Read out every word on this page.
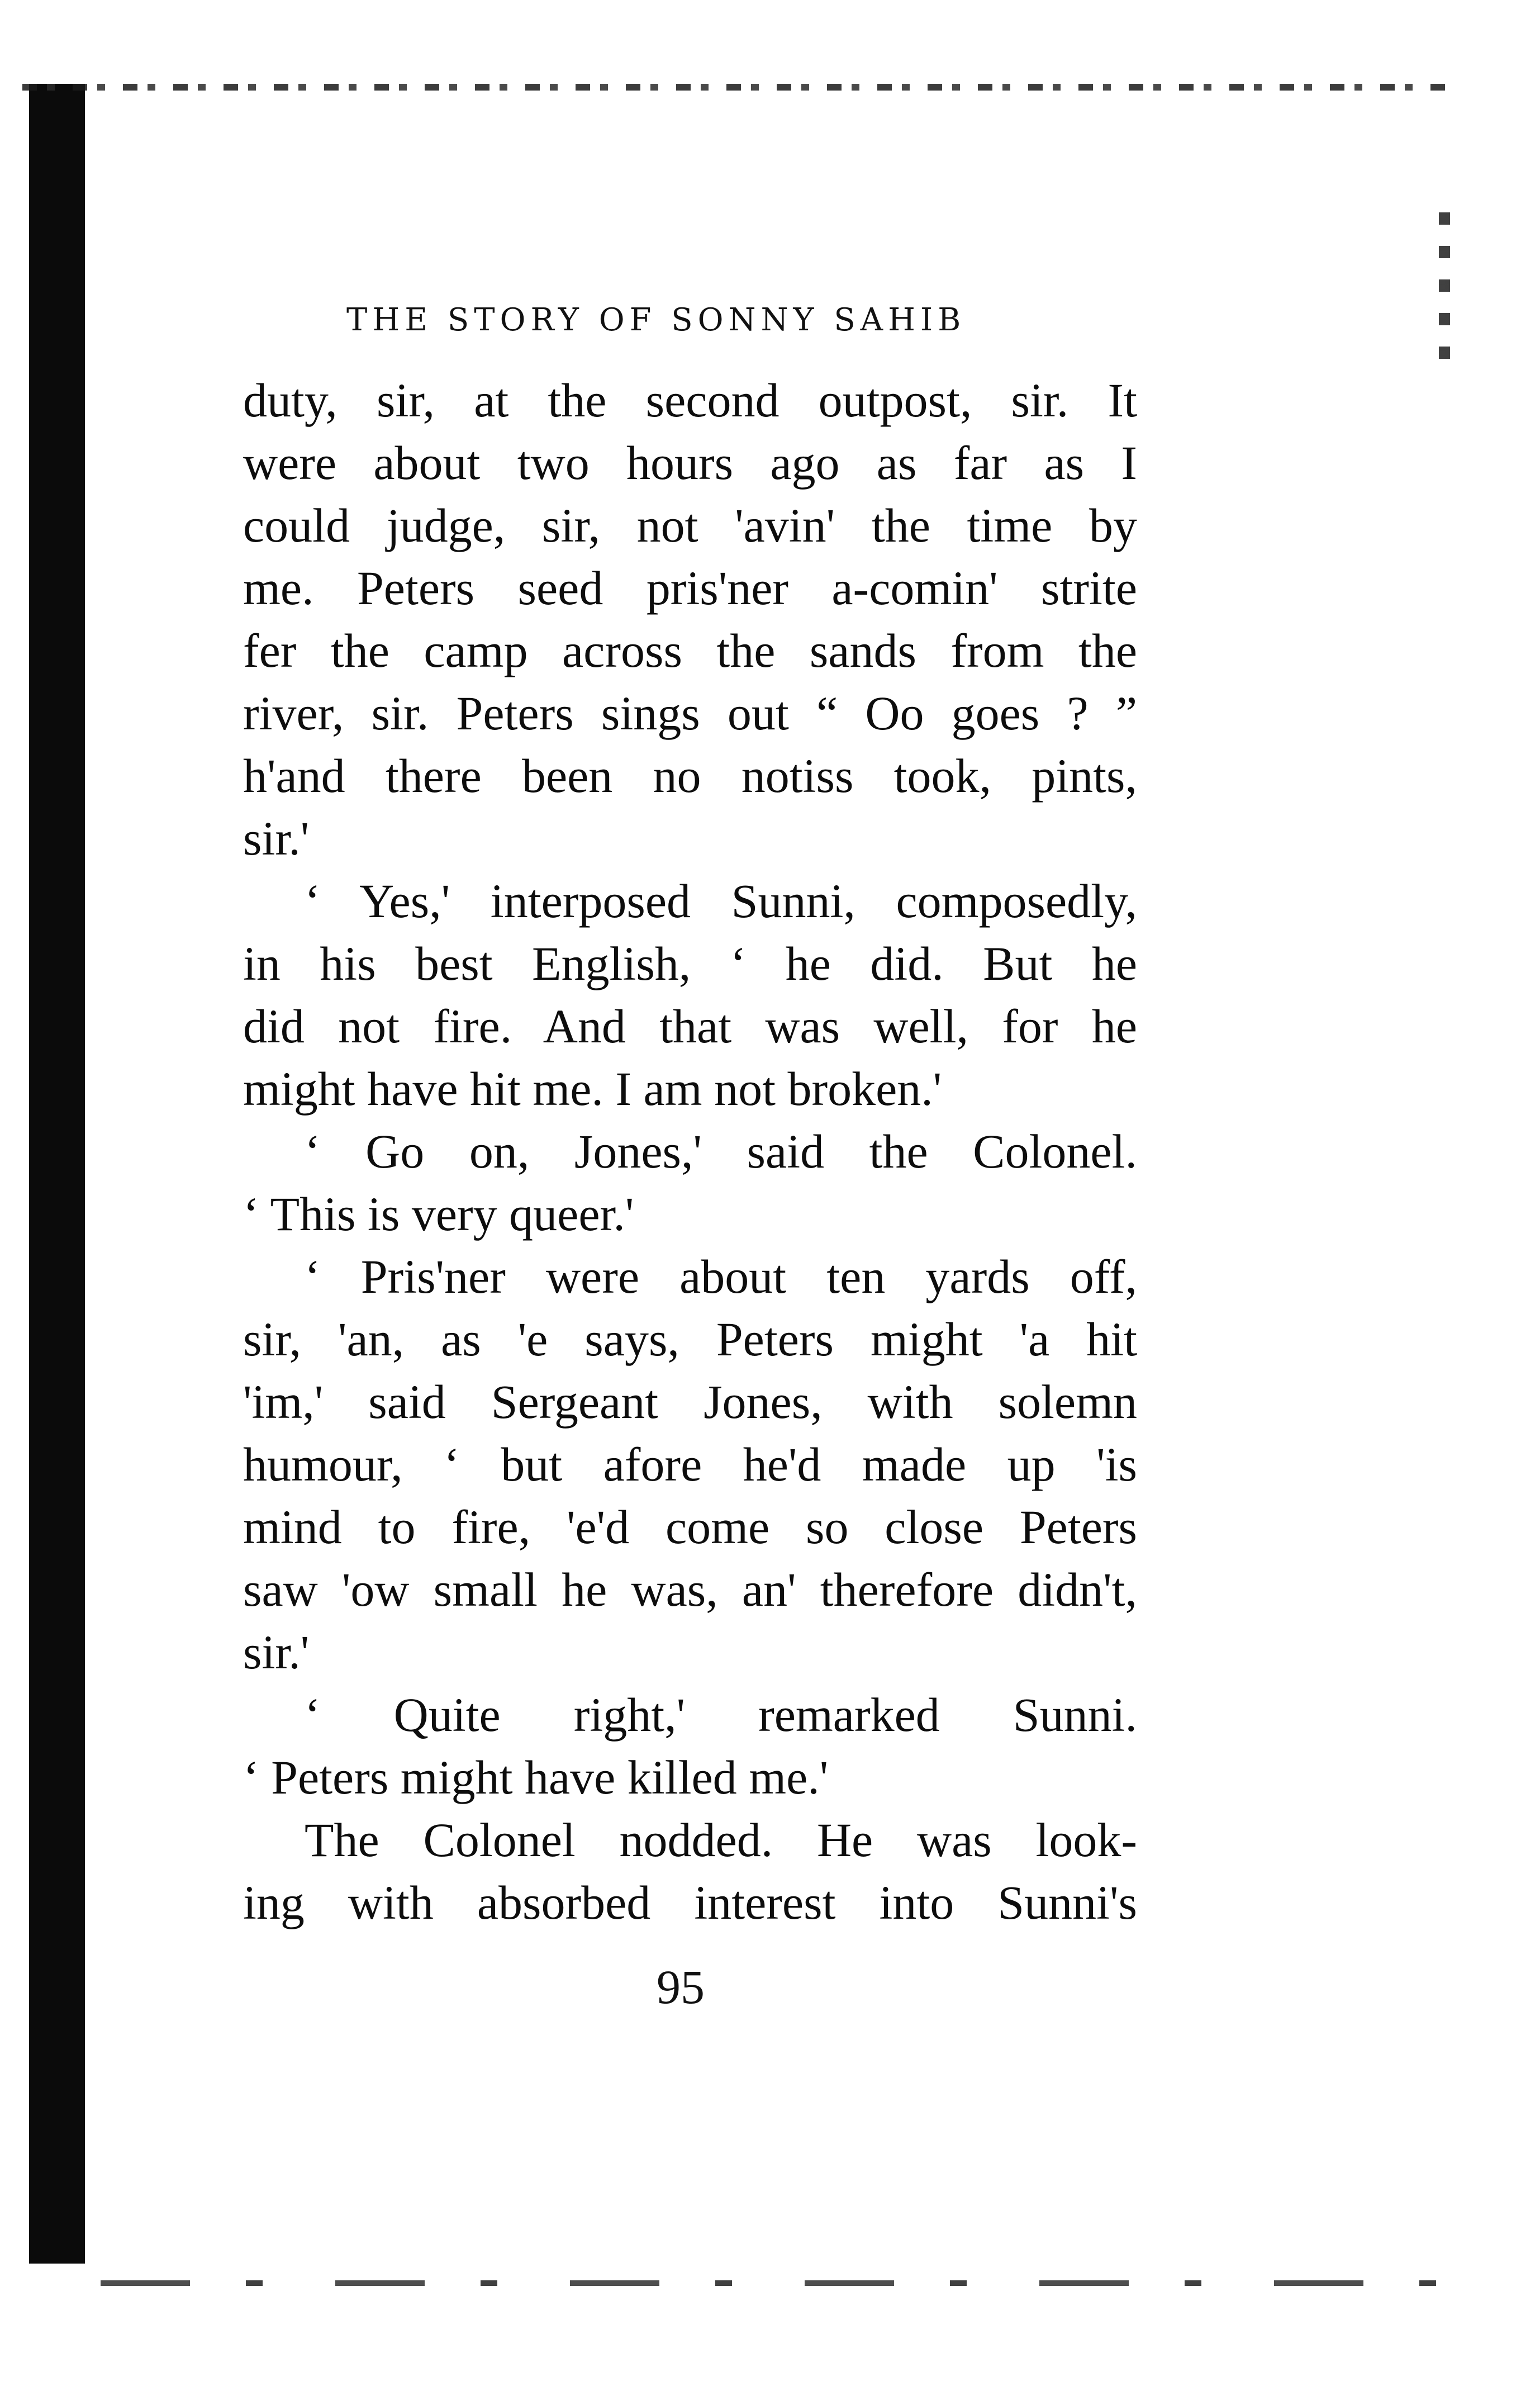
THE STORY OF SONNY SAHIB
duty, sir, at the second outpost, sir. It
were about two hours ago as far as I
could judge, sir, not 'avin' the time by
me. Peters seed pris'ner a-comin' strite
fer the camp across the sands from the
river, sir. Peters sings out “ Oo goes ? ”
h'and there been no notiss took, pints,
sir.'
‘ Yes,' interposed Sunni, composedly,
in his best English, ‘ he did. But he
did not fire. And that was well, for he
might have hit me. I am not broken.'
‘ Go on, Jones,' said the Colonel.
‘ This is very queer.'
‘ Pris'ner were about ten yards off,
sir, 'an, as 'e says, Peters might 'a hit
'im,' said Sergeant Jones, with solemn
humour, ‘ but afore he'd made up 'is
mind to fire, 'e'd come so close Peters
saw 'ow small he was, an' therefore didn't,
sir.'
‘ Quite right,' remarked Sunni.
‘ Peters might have killed me.'
The Colonel nodded. He was look-
ing with absorbed interest into Sunni's
95
